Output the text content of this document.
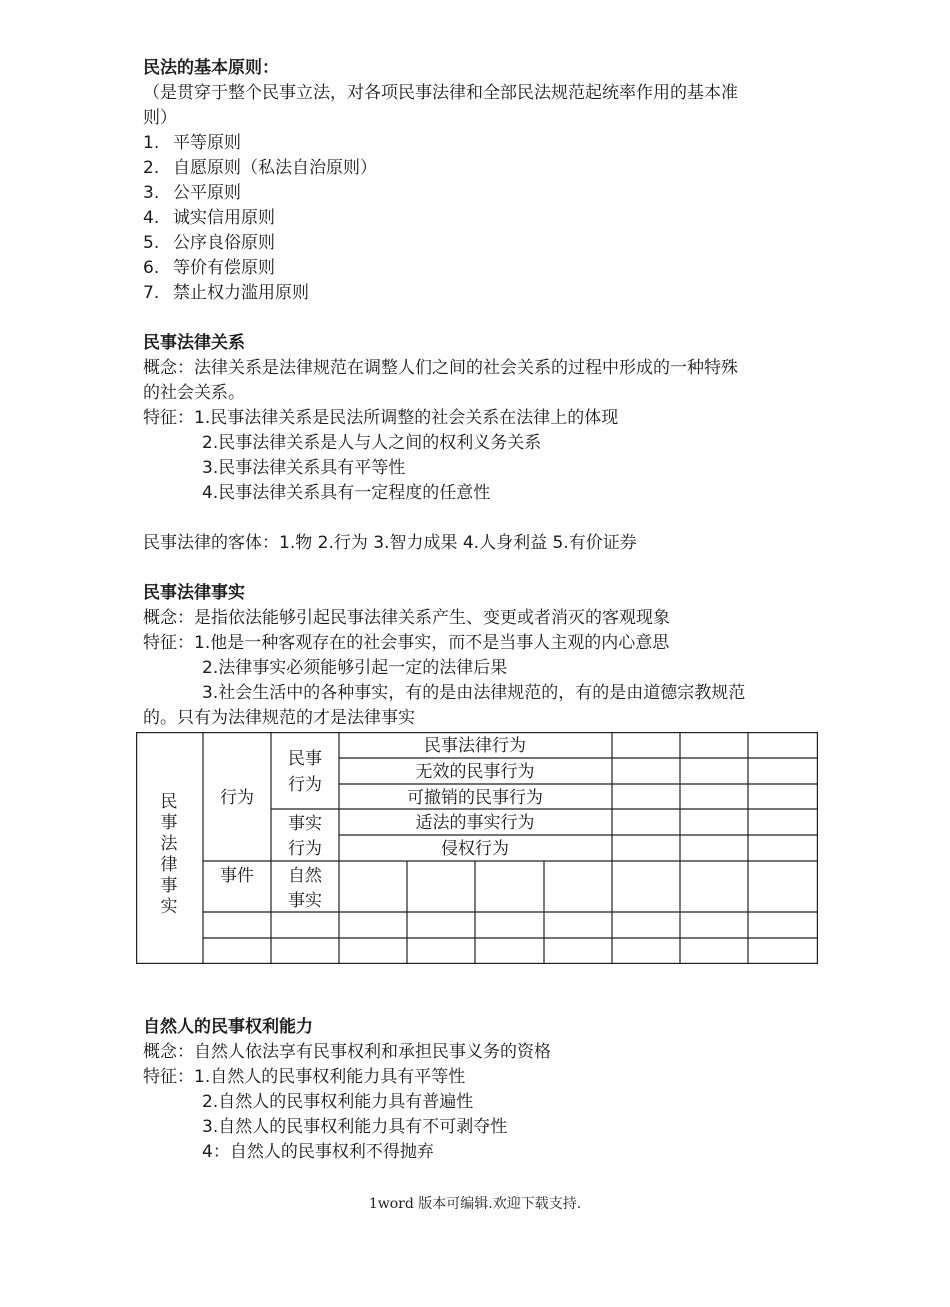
民法的基本原则：
（是贯穿于整个民事立法，对各项民事法律和全部民法规范起统率作用的基本准
则）
1. 平等原则
2. 自愿原则（私法自治原则）
3. 公平原则
4. 诚实信用原则
5. 公序良俗原则
6. 等价有偿原则
7. 禁止权力滥用原则
民事法律关系
概念：法律关系是法律规范在调整人们之间的社会关系的过程中形成的一种特殊
的社会关系。
特征：1.民事法律关系是民法所调整的社会关系在法律上的体现
2.民事法律关系是人与人之间的权利义务关系
3.民事法律关系具有平等性
4.民事法律关系具有一定程度的任意性
民事法律的客体：1.物 2.行为 3.智力成果 4.人身利益 5.有价证券
民事法律事实
概念：是指依法能够引起民事法律关系产生、变更或者消灭的客观现象
特征：1.他是一种客观存在的社会事实，而不是当事人主观的内心意思
2.法律事实必须能够引起一定的法律后果
3.社会生活中的各种事实，有的是由法律规范的，有的是由道德宗教规范
的。只有为法律规范的才是法律事实
民
事
法
律
事
实
行为
事件
民事
行为
事实
行为
自然
事实
民事法律行为
无效的民事行为
可撤销的民事行为
适法的事实行为
侵权行为
自然人的民事权利能力
概念：自然人依法享有民事权利和承担民事义务的资格
特征：1.自然人的民事权利能力具有平等性
2.自然人的民事权利能力具有普遍性
3.自然人的民事权利能力具有不可剥夺性
4：自然人的民事权利不得抛弃
1word 版本可编辑.欢迎下载支持.
